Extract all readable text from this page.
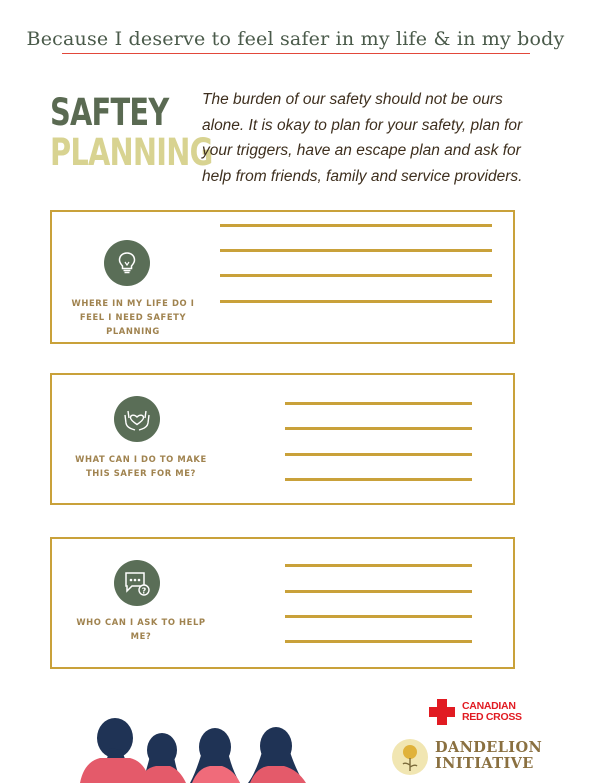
Because I deserve to feel safer in my life & in my body
SAFTEY
PLANNING
The burden of our safety should not be ours alone. It is okay to plan for your safety, plan for your triggers, have an escape plan and ask for help from friends, family and service providers.
WHERE IN MY LIFE DO I FEEL I NEED SAFETY PLANNING
WHAT CAN I DO TO MAKE THIS SAFER FOR ME?
?
WHO CAN I ASK TO HELP ME?
CANADIAN
RED CROSS
DANDELION
INITIATIVE
